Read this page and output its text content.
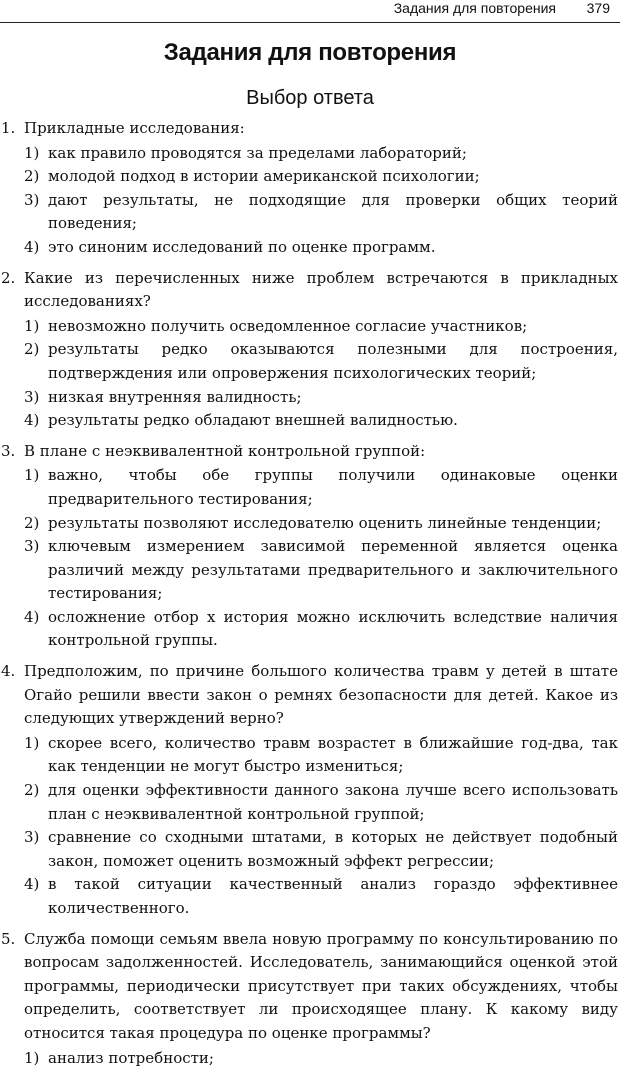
Задания для повторения 379
Задания для повторения
Выбор ответа
1. Прикладные исследования:
1) как правило проводятся за пределами лабораторий;
2) молодой подход в истории американской психологии;
3) дают результаты, не подходящие для проверки общих теорий поведения;
4) это синоним исследований по оценке программ.
2. Какие из перечисленных ниже проблем встречаются в прикладных исследованиях?
1) невозможно получить осведомленное согласие участников;
2) результаты редко оказываются полезными для построения, подтверждения или опровержения психологических теорий;
3) низкая внутренняя валидность;
4) результаты редко обладают внешней валидностью.
3. В плане с неэквивалентной контрольной группой:
1) важно, чтобы обе группы получили одинаковые оценки предварительного тестирования;
2) результаты позволяют исследователю оценить линейные тенденции;
3) ключевым измерением зависимой переменной является оценка различий между результатами предварительного и заключительного тестирования;
4) осложнение отбор х история можно исключить вследствие наличия контрольной группы.
4. Предположим, по причине большого количества травм у детей в штате Огайо решили ввести закон о ремнях безопасности для детей. Какое из следующих утверждений верно?
1) скорее всего, количество травм возрастет в ближайшие год-два, так как тенденции не могут быстро измениться;
2) для оценки эффективности данного закона лучше всего использовать план с неэквивалентной контрольной группой;
3) сравнение со сходными штатами, в которых не действует подобный закон, поможет оценить возможный эффект регрессии;
4) в такой ситуации качественный анализ гораздо эффективнее количественного.
5. Служба помощи семьям ввела новую программу по консультированию по вопросам задолженностей. Исследователь, занимающийся оценкой этой программы, периодически присутствует при таких обсуждениях, чтобы определить, соответствует ли происходящее плану. К какому виду относится такая процедура по оценке программы?
1) анализ потребности;
